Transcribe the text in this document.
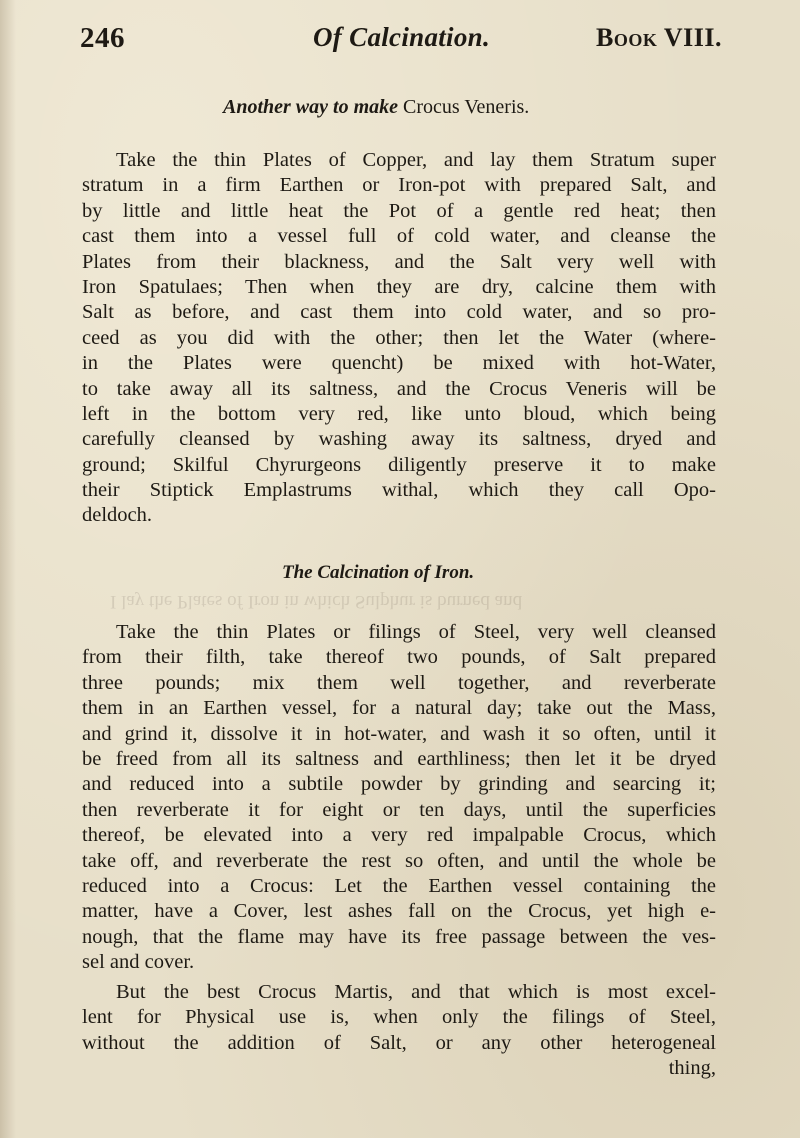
246	Of Calcination.	Book VIII.
Another way to make Crocus Veneris.
Take the thin Plates of Copper, and lay them Stratum super
stratum in a firm Earthen or Iron-pot with prepared Salt, and
by little and little heat the Pot of a gentle red heat; then
cast them into a vessel full of cold water, and cleanse the
Plates from their blackness, and the Salt very well with
Iron Spatulaes; Then when they are dry, calcine them with
Salt as before, and cast them into cold water, and so pro-
ceed as you did with the other; then let the Water (where-
in the Plates were quencht) be mixed with hot-Water,
to take away all its saltness, and the Crocus Veneris will be
left in the bottom very red, like unto bloud, which being
carefully cleansed by washing away its saltness, dryed and
ground; Skilful Chyrurgeons diligently preserve it to make
their Stiptick Emplastrums withal, which they call Opo-
deldoch.
I lay the Plates of Iron in which Sulphur is burned and
The Calcination of Iron.
Take the thin Plates or filings of Steel, very well cleansed
from their filth, take thereof two pounds, of Salt prepared
three pounds; mix them well together, and reverberate
them in an Earthen vessel, for a natural day; take out the Mass,
and grind it, dissolve it in hot-water, and wash it so often, until it
be freed from all its saltness and earthliness; then let it be dryed
and reduced into a subtile powder by grinding and searcing it;
then reverberate it for eight or ten days, until the superficies
thereof, be elevated into a very red impalpable Crocus, which
take off, and reverberate the rest so often, and until the whole be
reduced into a Crocus: Let the Earthen vessel containing the
matter, have a Cover, lest ashes fall on the Crocus, yet high e-
nough, that the flame may have its free passage between the ves-
sel and cover.
But the best Crocus Martis, and that which is most excel-
lent for Physical use is, when only the filings of Steel,
without the addition of Salt, or any other heterogeneal
thing,
